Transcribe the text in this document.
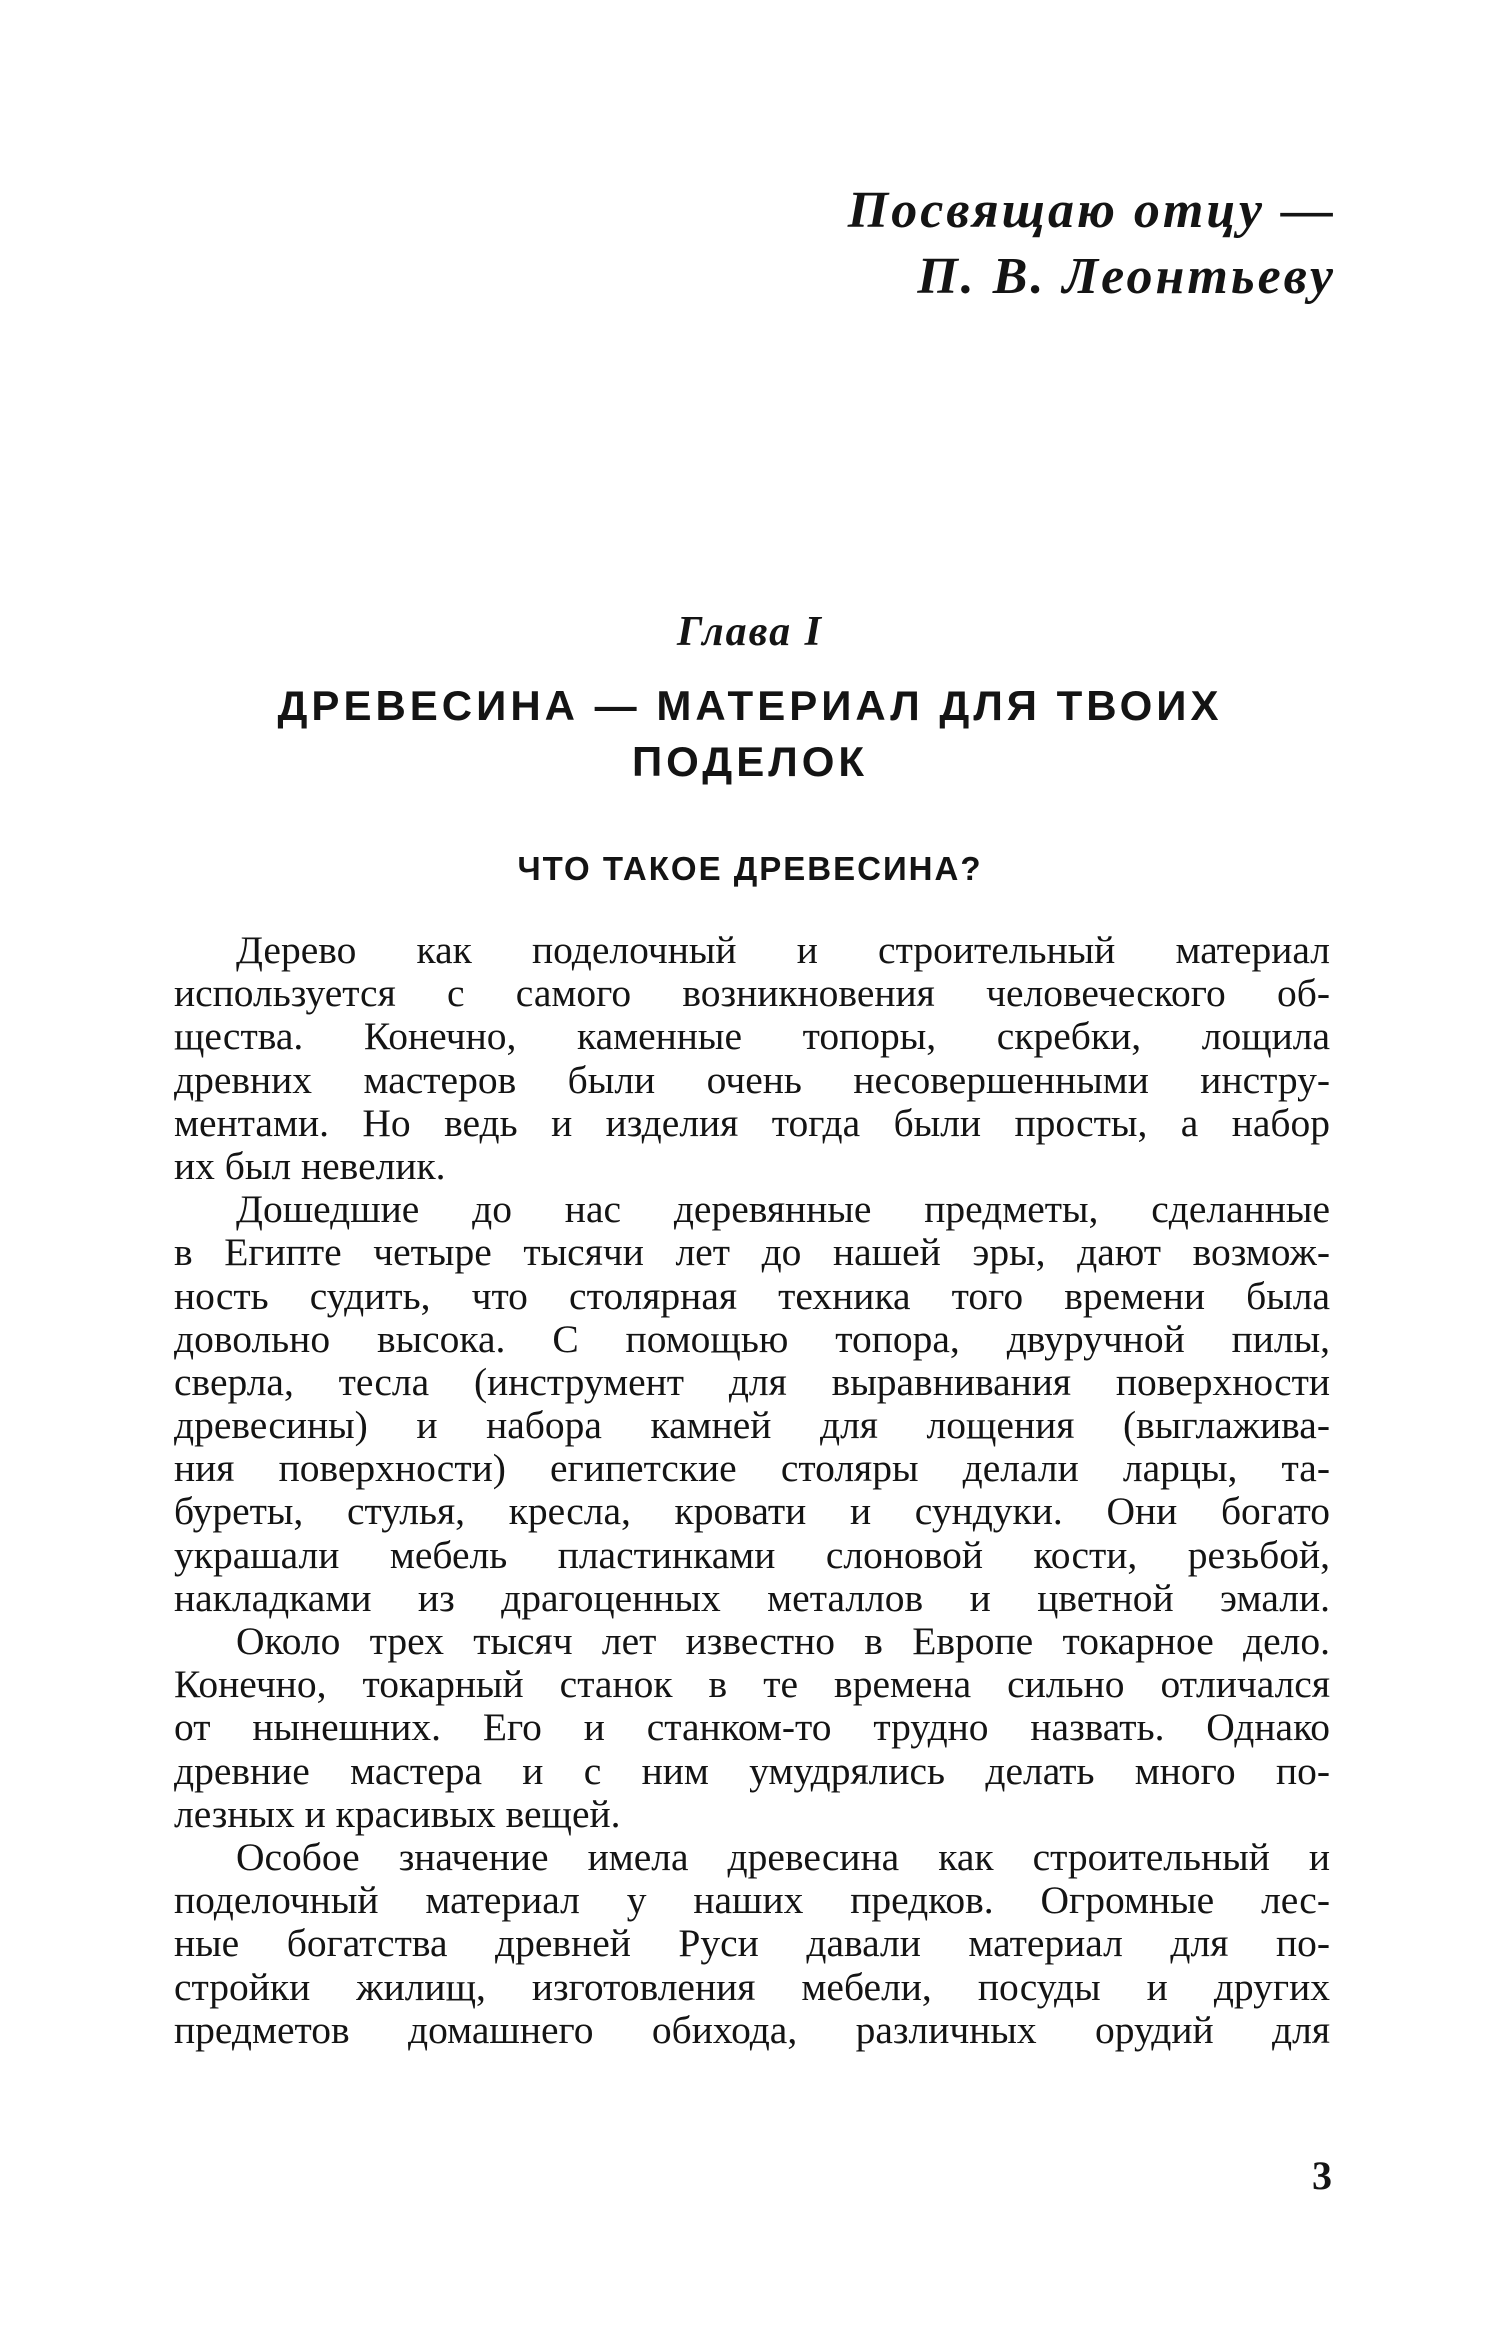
Посвящаю отцу —
П. В. Леонтьеву
Глава I
ДРЕВЕСИНА — МАТЕРИАЛ ДЛЯ ТВОИХ
ПОДЕЛОК
ЧТО ТАКОЕ ДРЕВЕСИНА?
Дерево как поделочный и строительный материал
используется с самого возникновения человеческого об-
щества. Конечно, каменные топоры, скребки, лощила
древних мастеров были очень несовершенными инстру-
ментами. Но ведь и изделия тогда были просты, а набор
их был невелик.
Дошедшие до нас деревянные предметы, сделанные
в Египте четыре тысячи лет до нашей эры, дают возмож-
ность судить, что столярная техника того времени была
довольно высока. С помощью топора, двуручной пилы,
сверла, тесла (инструмент для выравнивания поверхности
древесины) и набора камней для лощения (выглажива-
ния поверхности) египетские столяры делали ларцы, та-
буреты, стулья, кресла, кровати и сундуки. Они богато
украшали мебель пластинками слоновой кости, резьбой,
накладками из драгоценных металлов и цветной эмали.
Около трех тысяч лет известно в Европе токарное дело.
Конечно, токарный станок в те времена сильно отличался
от нынешних. Его и станком-то трудно назвать. Однако
древние мастера и с ним умудрялись делать много по-
лезных и красивых вещей.
Особое значение имела древесина как строительный и
поделочный материал у наших предков. Огромные лес-
ные богатства древней Руси давали материал для по-
стройки жилищ, изготовления мебели, посуды и других
предметов домашнего обихода, различных орудий для
3
